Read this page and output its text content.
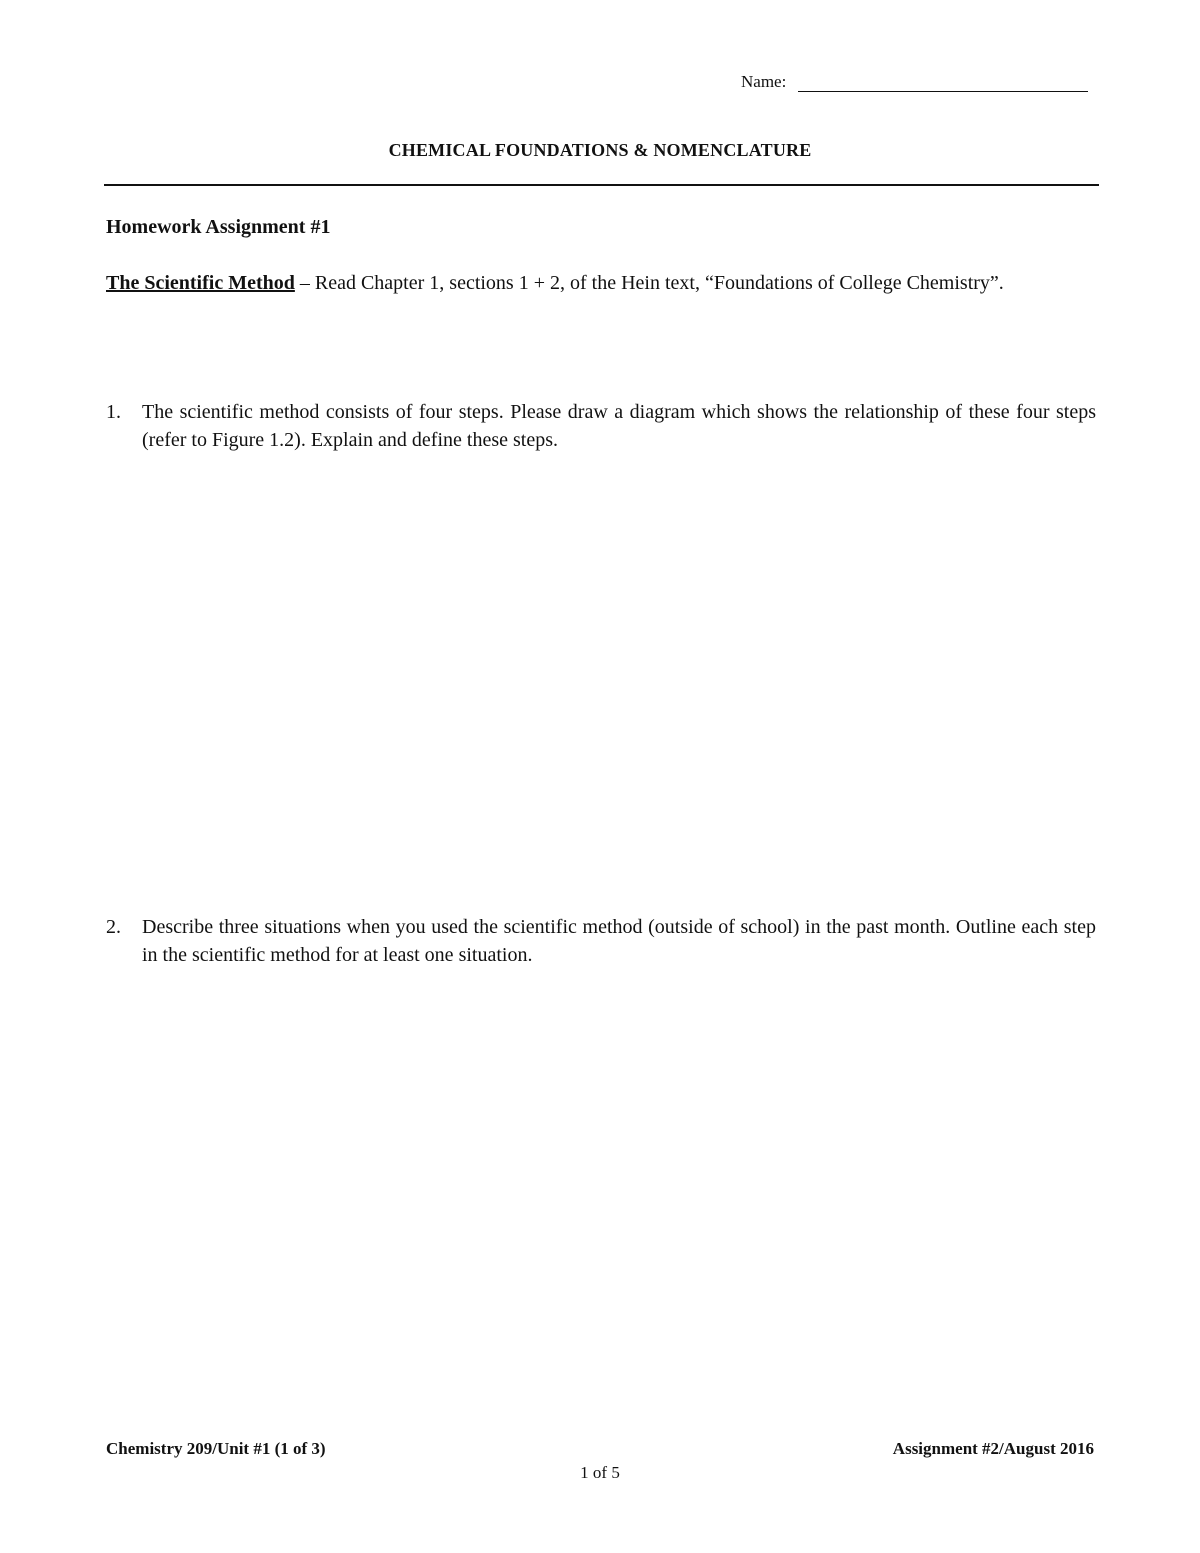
Name:
CHEMICAL FOUNDATIONS & NOMENCLATURE
Homework Assignment #1
The Scientific Method – Read Chapter 1, sections 1 + 2, of the Hein text, “Foundations of College Chemistry”.
1.	The scientific method consists of four steps. Please draw a diagram which shows the relationship of these four steps (refer to Figure 1.2). Explain and define these steps.
2.	Describe three situations when you used the scientific method (outside of school) in the past month. Outline each step in the scientific method for at least one situation.
Chemistry 209/Unit #1 (1 of 3)	Assignment #2/August 2016
1 of 5
